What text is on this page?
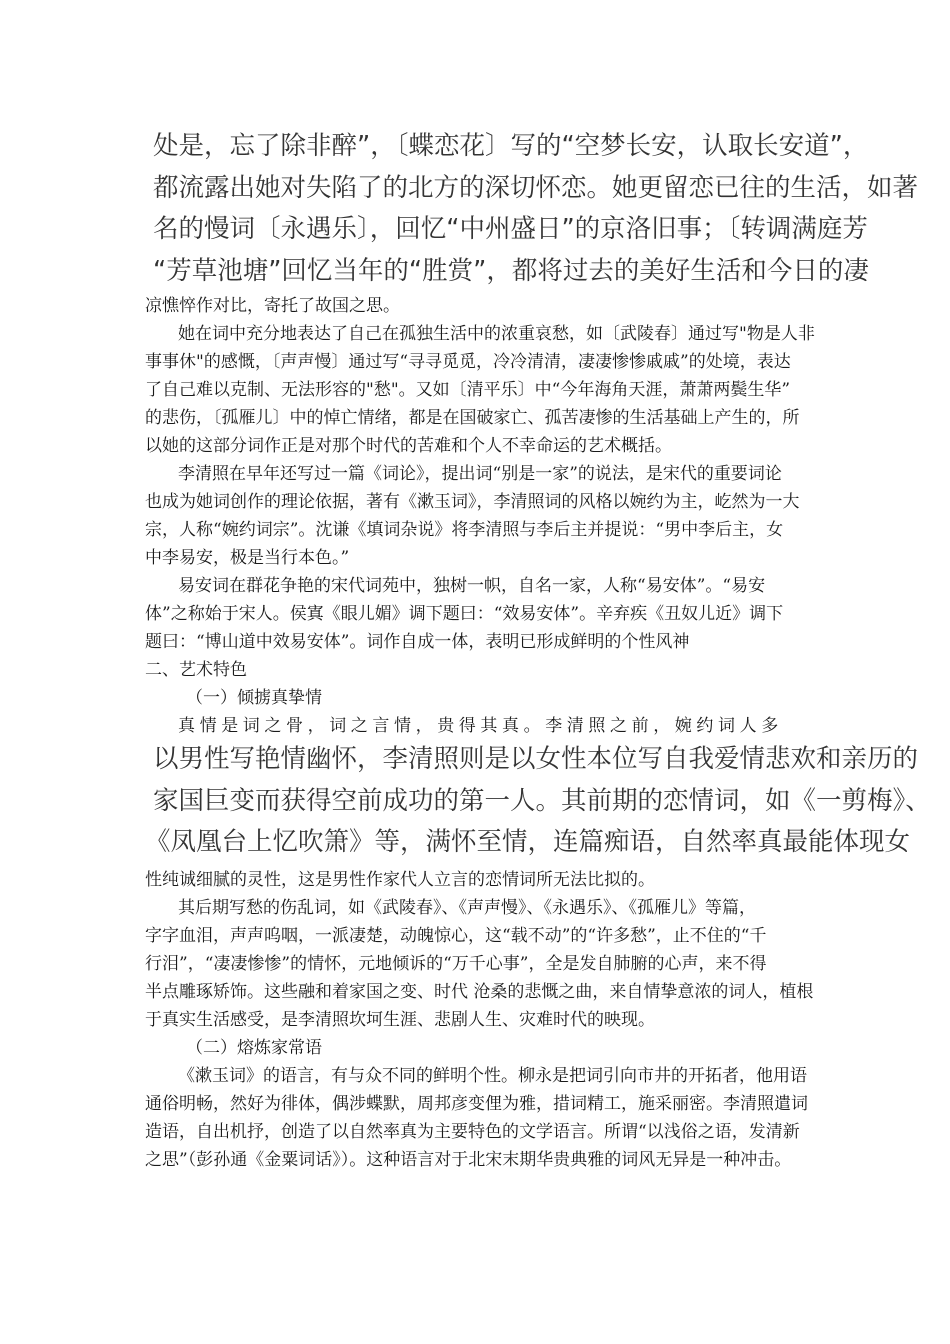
处是，忘了除非醉”，〔蝶恋花〕写的“空梦长安，认取长安道”，
都流露出她对失陷了的北方的深切怀恋。她更留恋已往的生活，如著
名的慢词〔永遇乐〕，回忆“中州盛日”的京洛旧事；〔转调满庭芳
“芳草池塘”回忆当年的“胜赏”，都将过去的美好生活和今日的凄
凉憔悴作对比，寄托了故国之思。
她在词中充分地表达了自己在孤独生活中的浓重哀愁，如〔武陵春〕通过写"物是人非
事事休"的感慨，〔声声慢〕通过写“寻寻觅觅，冷冷清清，凄凄惨惨戚戚”的处境，表达
了自己难以克制、无法形容的"愁"。又如〔清平乐〕中“今年海角天涯，萧萧两鬓生华”
的悲伤，〔孤雁儿〕中的悼亡情绪，都是在国破家亡、孤苦凄惨的生活基础上产生的，所
以她的这部分词作正是对那个时代的苦难和个人不幸命运的艺术概括。
李清照在早年还写过一篇《词论》，提出词“别是一家”的说法，是宋代的重要词论
也成为她词创作的理论依据，著有《漱玉词》，李清照词的风格以婉约为主，屹然为一大
宗，人称“婉约词宗”。沈谦《填词杂说》将李清照与李后主并提说：“男中李后主，女
中李易安，极是当行本色。”
易安词在群花争艳的宋代词苑中，独树一帜，自名一家，人称“易安体”。“易安
体”之称始于宋人。侯寘《眼儿媚》调下题曰：“效易安体”。辛弃疾《丑奴儿近》调下
题曰：“博山道中效易安体”。词作自成一体，表明已形成鲜明的个性风神
二、艺术特色
（一）倾掳真挚情
真情是词之骨，词之言情，贵得其真。李清照之前，婉约词人多
以男性写艳情幽怀，李清照则是以女性本位写自我爱情悲欢和亲历的
家国巨变而获得空前成功的第一人。其前期的恋情词，如《一剪梅》、
《凤凰台上忆吹箫》等，满怀至情，连篇痴语，自然率真最能体现女
性纯诚细腻的灵性，这是男性作家代人立言的恋情词所无法比拟的。
其后期写愁的伤乱词，如《武陵春》、《声声慢》、《永遇乐》、《孤雁儿》等篇，
字字血泪，声声呜咽，一派凄楚，动魄惊心，这“载不动”的“许多愁”，止不住的“千
行泪”，“凄凄惨惨”的情怀，元地倾诉的“万千心事”，全是发自肺腑的心声，来不得
半点雕琢矫饰。这些融和着家国之变、时代 沧桑的悲慨之曲，来自情挚意浓的词人，植根
于真实生活感受，是李清照坎坷生涯、悲剧人生、灾难时代的映现。
（二）熔炼家常语
《漱玉词》的语言，有与众不同的鲜明个性。柳永是把词引向市井的开拓者，他用语
通俗明畅，然好为徘体，偶涉蝶默，周邦彦变俚为雅，措词精工，施采丽密。李清照遣词
造语，自出机抒，创造了以自然率真为主要特色的文学语言。所谓“以浅俗之语，发清新
之思”（彭孙通《金粟词话》）。这种语言对于北宋末期华贵典雅的词风无异是一种冲击。
